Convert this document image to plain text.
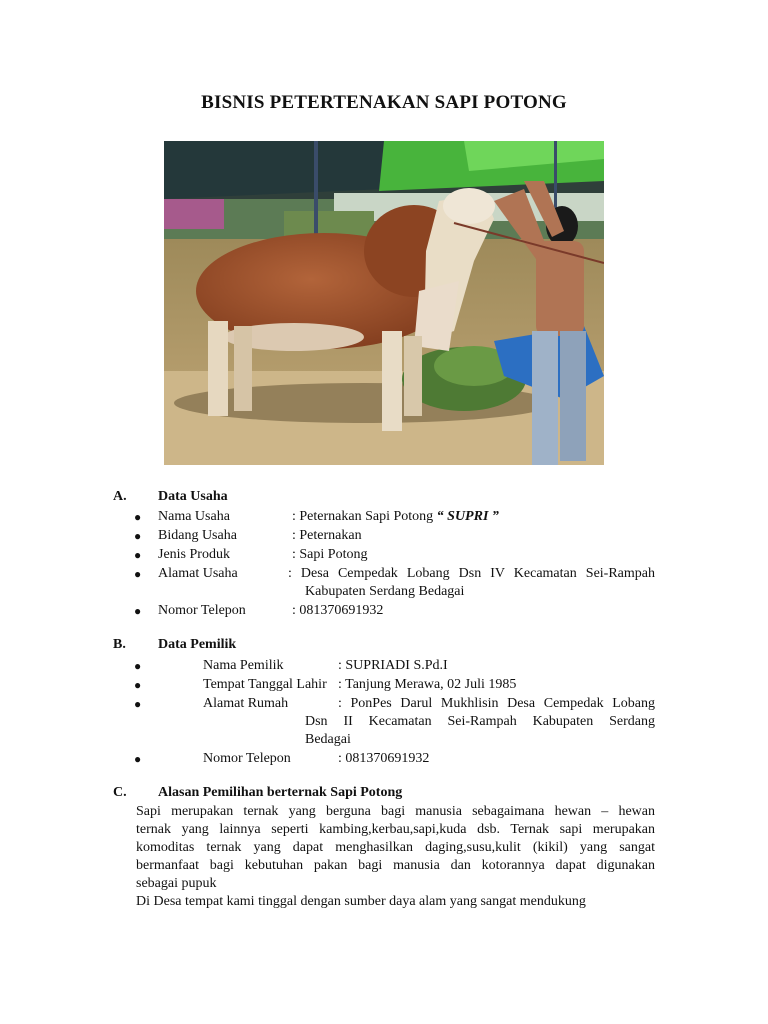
BISNIS PETERTENAKAN SAPI POTONG
A. Data Usaha
● Nama Usaha	: Peternakan Sapi Potong “ SUPRI ”
● Bidang Usaha	: Peternakan
● Jenis Produk	: Sapi Potong
● Alamat Usaha	: Desa Cempedak Lobang Dsn IV Kecamatan Sei-Rampah
Kabupaten Serdang Bedagai
● Nomor Telepon	: 081370691932
B. Data Pemilik
●	Nama Pemilik	: SUPRIADI S.Pd.I
●	Tempat Tanggal Lahir : Tanjung Merawa, 02 Juli 1985
●	Alamat Rumah	: PonPes Darul Mukhlisin Desa Cempedak Lobang
Dsn II Kecamatan Sei-Rampah Kabupaten Serdang
Bedagai
●	Nomor Telepon	: 081370691932
C. Alasan Pemilihan berternak Sapi Potong
Sapi merupakan ternak yang berguna bagi manusia sebagaimana hewan – hewan
ternak yang lainnya seperti kambing,kerbau,sapi,kuda dsb. Ternak sapi merupakan
komoditas ternak yang dapat menghasilkan daging,susu,kulit (kikil) yang sangat
bermanfaat bagi kebutuhan pakan bagi manusia dan kotorannya dapat digunakan
sebagai pupuk
Di Desa tempat kami tinggal dengan sumber daya alam yang sangat mendukung
